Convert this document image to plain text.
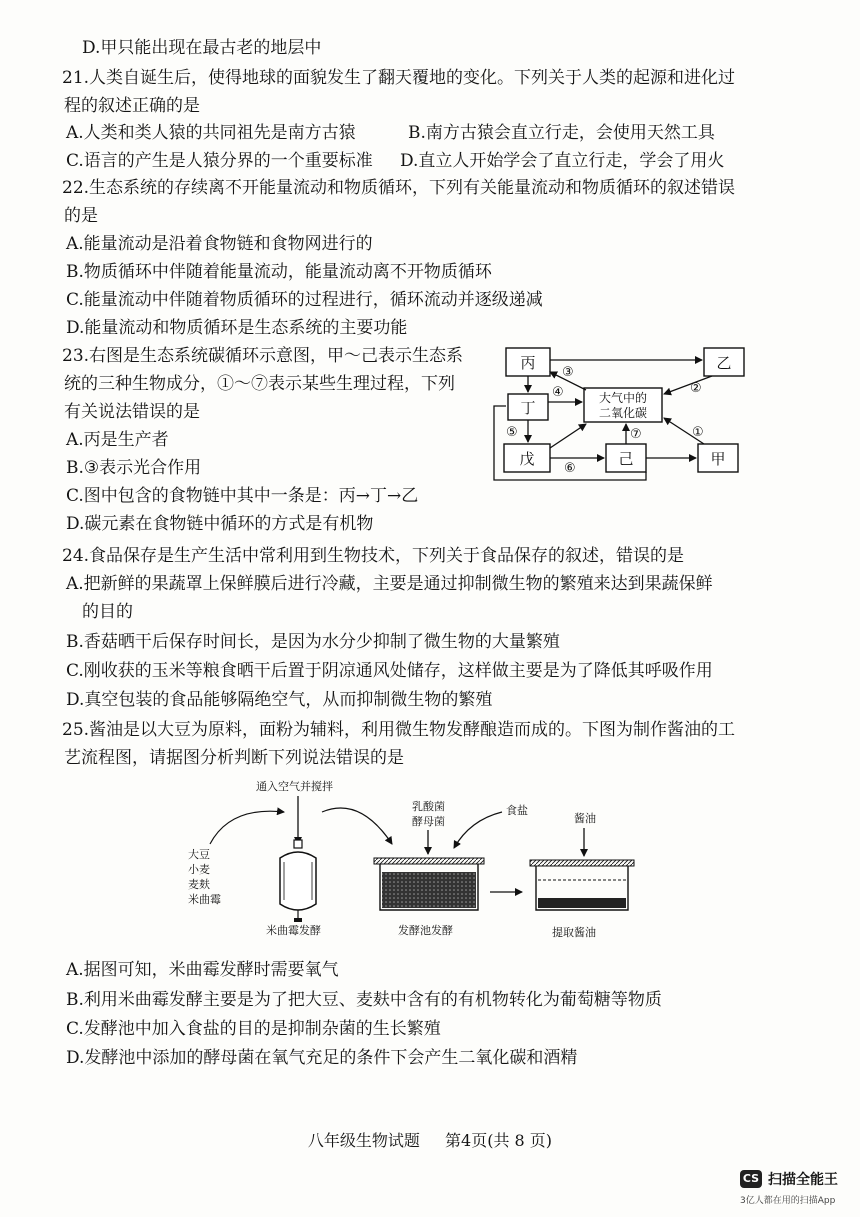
D.甲只能出现在最古老的地层中
21.人类自诞生后，使得地球的面貌发生了翻天覆地的变化。下列关于人类的起源和进化过
程的叙述正确的是
A.人类和类人猿的共同祖先是南方古猿	B.南方古猿会直立行走，会使用天然工具
C.语言的产生是人猿分界的一个重要标准 D.直立人开始学会了直立行走，学会了用火
22.生态系统的存续离不开能量流动和物质循环，下列有关能量流动和物质循环的叙述错误
的是
A.能量流动是沿着食物链和食物网进行的
B.物质循环中伴随着能量流动，能量流动离不开物质循环
C.能量流动中伴随着物质循环的过程进行，循环流动并逐级递减
D.能量流动和物质循环是生态系统的主要功能
23.右图是生态系统碳循环示意图，甲～己表示生态系
统的三种生物成分，①～⑦表示某些生理过程，下列
有关说法错误的是
A.丙是生产者
B.③表示光合作用
C.图中包含的食物链中其中一条是：丙→丁→乙
D.碳元素在食物链中循环的方式是有机物
丙	乙
丁
大气中的
二氧化碳
戊	己	甲
③
④
⑤
⑥
⑦
②
①
24.食品保存是生产生活中常利用到生物技术，下列关于食品保存的叙述，错误的是
A.把新鲜的果蔬罩上保鲜膜后进行冷藏，主要是通过抑制微生物的繁殖来达到果蔬保鲜
的目的
B.香菇晒干后保存时间长，是因为水分少抑制了微生物的大量繁殖
C.刚收获的玉米等粮食晒干后置于阴凉通风处储存，这样做主要是为了降低其呼吸作用
D.真空包装的食品能够隔绝空气，从而抑制微生物的繁殖
25.酱油是以大豆为原料，面粉为辅料，利用微生物发酵酿造而成的。下图为制作酱油的工
艺流程图，请据图分析判断下列说法错误的是
通入空气并搅拌
大豆
小麦
麦麸
米曲霉
米曲霉发酵
乳酸菌
酵母菌
食盐
发酵池发酵
酱油
提取酱油
A.据图可知，米曲霉发酵时需要氧气
B.利用米曲霉发酵主要是为了把大豆、麦麸中含有的有机物转化为葡萄糖等物质
C.发酵池中加入食盐的目的是抑制杂菌的生长繁殖
D.发酵池中添加的酵母菌在氧气充足的条件下会产生二氧化碳和酒精
八年级生物试题 第4页(共 8 页)
CS 扫描全能王
3亿人都在用的扫描App
